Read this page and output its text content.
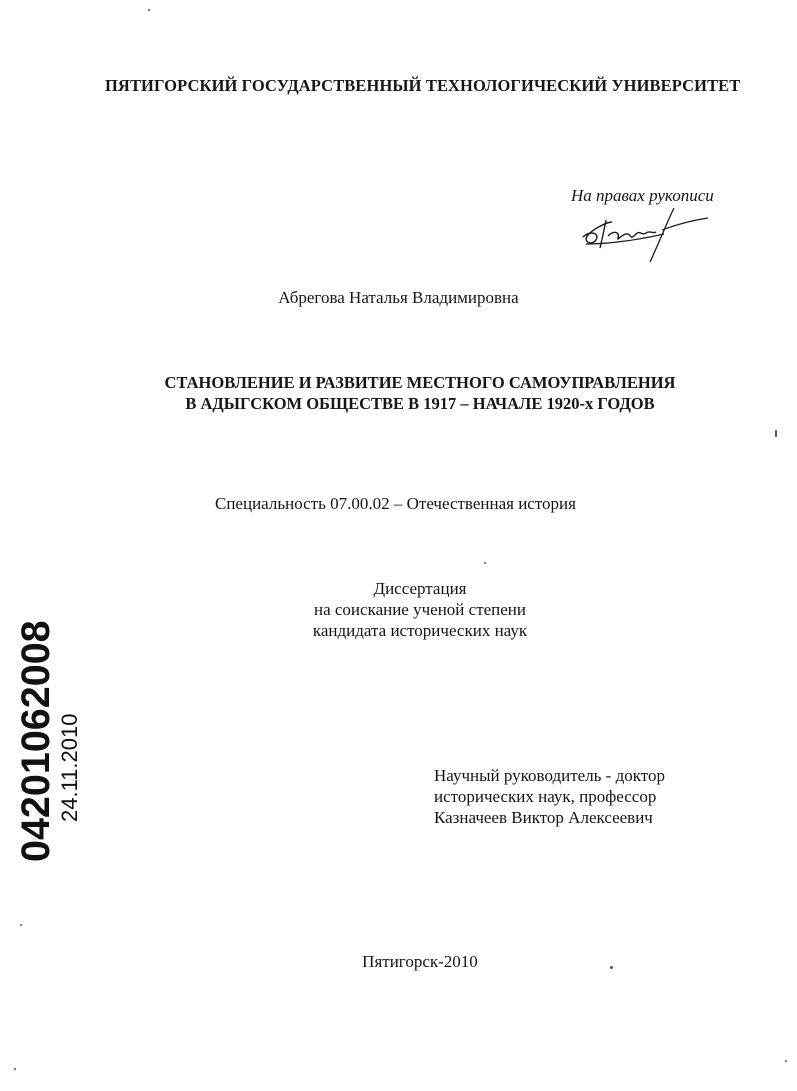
ПЯТИГОРСКИЙ ГОСУДАРСТВЕННЫЙ ТЕХНОЛОГИЧЕСКИЙ УНИВЕРСИТЕТ
На правах рукописи
Абрегова Наталья Владимировна
СТАНОВЛЕНИЕ И РАЗВИТИЕ МЕСТНОГО САМОУПРАВЛЕНИЯ
В АДЫГСКОМ ОБЩЕСТВЕ В 1917 – НАЧАЛЕ 1920-х ГОДОВ
Специальность 07.00.02 – Отечественная история
Диссертация
на соискание ученой степени
кандидата исторических наук
Научный руководитель - доктор
исторических наук, профессор
Казначеев Виктор Алексеевич
Пятигорск-2010
04201062008 24.11.2010
